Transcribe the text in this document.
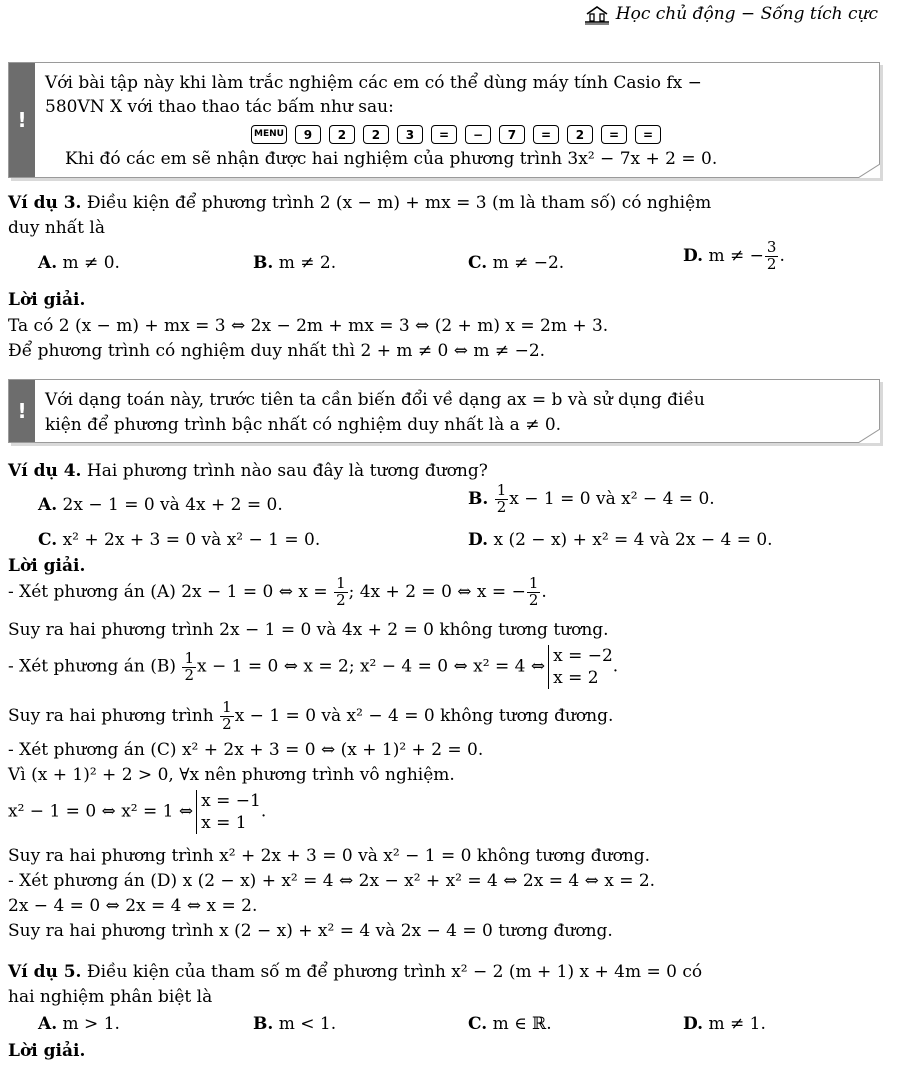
Học chủ động − Sống tích cực
!
Với bài tập này khi làm trắc nghiệm các em có thể dùng máy tính Casio fx −
580VN X với thao thao tác bấm như sau:
MENU	9	2	2	3	=	−	7	=	2	=	=
Khi đó các em sẽ nhận được hai nghiệm của phương trình 3x² − 7x + 2 = 0.
Ví dụ 3. Điều kiện để phương trình 2 (x − m) + mx = 3 (m là tham số) có nghiệm
duy nhất là
A. m ≠ 0.	B. m ≠ 2.	C. m ≠ −2.	D. m ≠ − $\frac{3}{2}$ .
Lời giải.
Ta có 2 (x − m) + mx = 3 ⇔ 2x − 2m + mx = 3 ⇔ (2 + m) x = 2m + 3.
Để phương trình có nghiệm duy nhất thì 2 + m ≠ 0 ⇔ m ≠ −2.
!	Với dạng toán này, trước tiên ta cần biến đổi về dạng ax = b và sử dụng điều
kiện để phương trình bậc nhất có nghiệm duy nhất là a ≠ 0.
Ví dụ 4. Hai phương trình nào sau đây là tương đương?
A. 2x − 1 = 0 và 4x + 2 = 0.	B. $\frac{1}{2}$ x − 1 = 0 và x² − 4 = 0.
C. x² + 2x + 3 = 0 và x² − 1 = 0.	D. x (2 − x) + x² = 4 và 2x − 4 = 0.
Lời giải.
- Xét phương án (A) 2x − 1 = 0 ⇔ $x = \frac{1}{2}$ ; 4x + 2 = 0 ⇔ x = − $\frac{1}{2}$ .
Suy ra hai phương trình 2x − 1 = 0 và 4x + 2 = 0 không tương tương.
- Xét phương án $(B) \frac{1}{2}$ x − 1 = 0 ⇔ x = 2; x² − 4 = 0 ⇔ x² = 4 ⇔
x = −2
x = 2
.
Suy ra hai phương trình $\frac{1}{2}$ x − 1 = 0 và x² − 4 = 0 không tương đương.
- Xét phương án (C) x² + 2x + 3 = 0 ⇔ (x + 1)² + 2 = 0.
Vì (x + 1)² + 2 > 0, ∀x nên phương trình vô nghiệm.
x² − 1 = 0 ⇔ x² = 1 ⇔
x = −1
x = 1
.
Suy ra hai phương trình x² + 2x + 3 = 0 và x² − 1 = 0 không tương đương.
- Xét phương án (D) x (2 − x) + x² = 4 ⇔ 2x − x² + x² = 4 ⇔ 2x = 4 ⇔ x = 2.
2x − 4 = 0 ⇔ 2x = 4 ⇔ x = 2.
Suy ra hai phương trình x (2 − x) + x² = 4 và 2x − 4 = 0 tương đương.
Ví dụ 5. Điều kiện của tham số m để phương trình x² − 2 (m + 1) x + 4m = 0 có
hai nghiệm phân biệt là
A. m > 1.	B. m < 1.	C. m ∈ ℝ.	D. m ≠ 1.
Lời giải.
